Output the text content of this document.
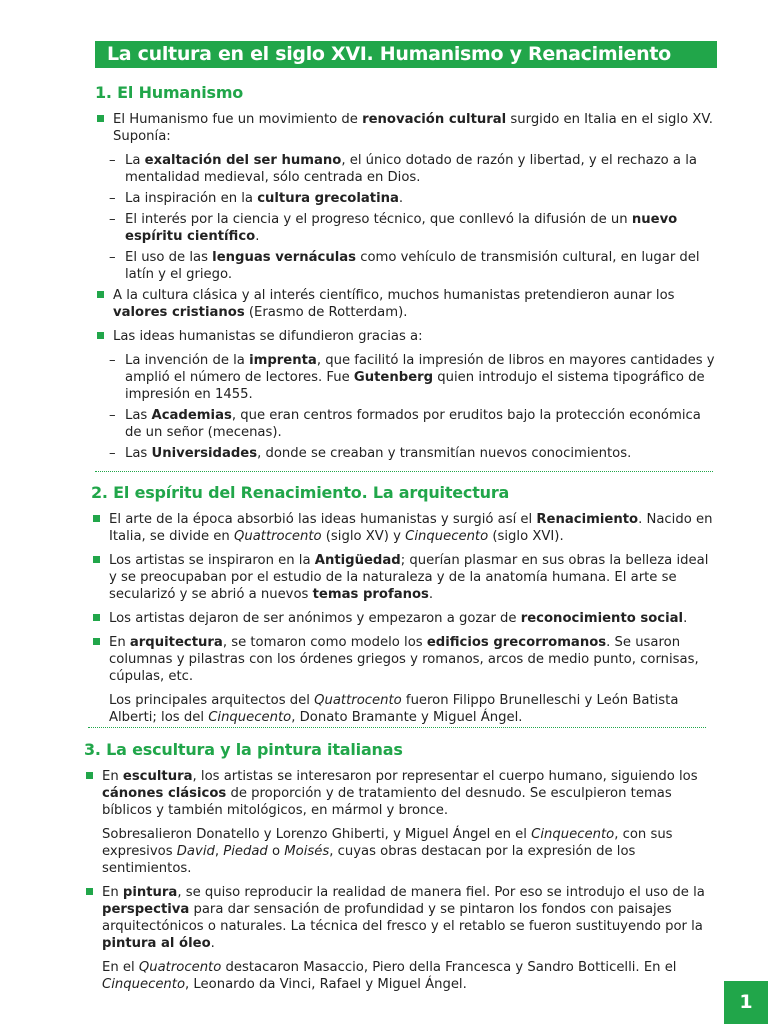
La cultura en el siglo XVI. Humanismo y Renacimiento
1. El Humanismo
El Humanismo fue un movimiento de renovación cultural surgido en Italia en el siglo XV. Suponía:
– La exaltación del ser humano, el único dotado de razón y libertad, y el rechazo a la mentalidad medieval, sólo centrada en Dios.
– La inspiración en la cultura grecolatina.
– El interés por la ciencia y el progreso técnico, que conllevó la difusión de un nuevo espíritu científico.
– El uso de las lenguas vernáculas como vehículo de transmisión cultural, en lugar del latín y el griego.
A la cultura clásica y al interés científico, muchos humanistas pretendieron aunar los valores cristianos (Erasmo de Rotterdam).
Las ideas humanistas se difundieron gracias a:
– La invención de la imprenta, que facilitó la impresión de libros en mayores cantidades y amplió el número de lectores. Fue Gutenberg quien introdujo el sistema tipográfico de impresión en 1455.
– Las Academias, que eran centros formados por eruditos bajo la protección económica de un señor (mecenas).
– Las Universidades, donde se creaban y transmitían nuevos conocimientos.
2. El espíritu del Renacimiento. La arquitectura
El arte de la época absorbió las ideas humanistas y surgió así el Renacimiento. Nacido en Italia, se divide en Quattrocento (siglo XV) y Cinquecento (siglo XVI).
Los artistas se inspiraron en la Antigüedad; querían plasmar en sus obras la belleza ideal y se preocupaban por el estudio de la naturaleza y de la anatomía humana. El arte se secularizó y se abrió a nuevos temas profanos.
Los artistas dejaron de ser anónimos y empezaron a gozar de reconocimiento social.
En arquitectura, se tomaron como modelo los edificios grecorromanos. Se usaron columnas y pilastras con los órdenes griegos y romanos, arcos de medio punto, cornisas, cúpulas, etc.
Los principales arquitectos del Quattrocento fueron Filippo Brunelleschi y León Batista Alberti; los del Cinquecento, Donato Bramante y Miguel Ángel.
3. La escultura y la pintura italianas
En escultura, los artistas se interesaron por representar el cuerpo humano, siguiendo los cánones clásicos de proporción y de tratamiento del desnudo. Se esculpieron temas bíblicos y también mitológicos, en mármol y bronce.
Sobresalieron Donatello y Lorenzo Ghiberti, y Miguel Ángel en el Cinquecento, con sus expresivos David, Piedad o Moisés, cuyas obras destacan por la expresión de los sentimientos.
En pintura, se quiso reproducir la realidad de manera fiel. Por eso se introdujo el uso de la perspectiva para dar sensación de profundidad y se pintaron los fondos con paisajes arquitectónicos o naturales. La técnica del fresco y el retablo se fueron sustituyendo por la pintura al óleo.
En el Quatrocento destacaron Masaccio, Piero della Francesca y Sandro Botticelli. En el Cinquecento, Leonardo da Vinci, Rafael y Miguel Ángel.
1
